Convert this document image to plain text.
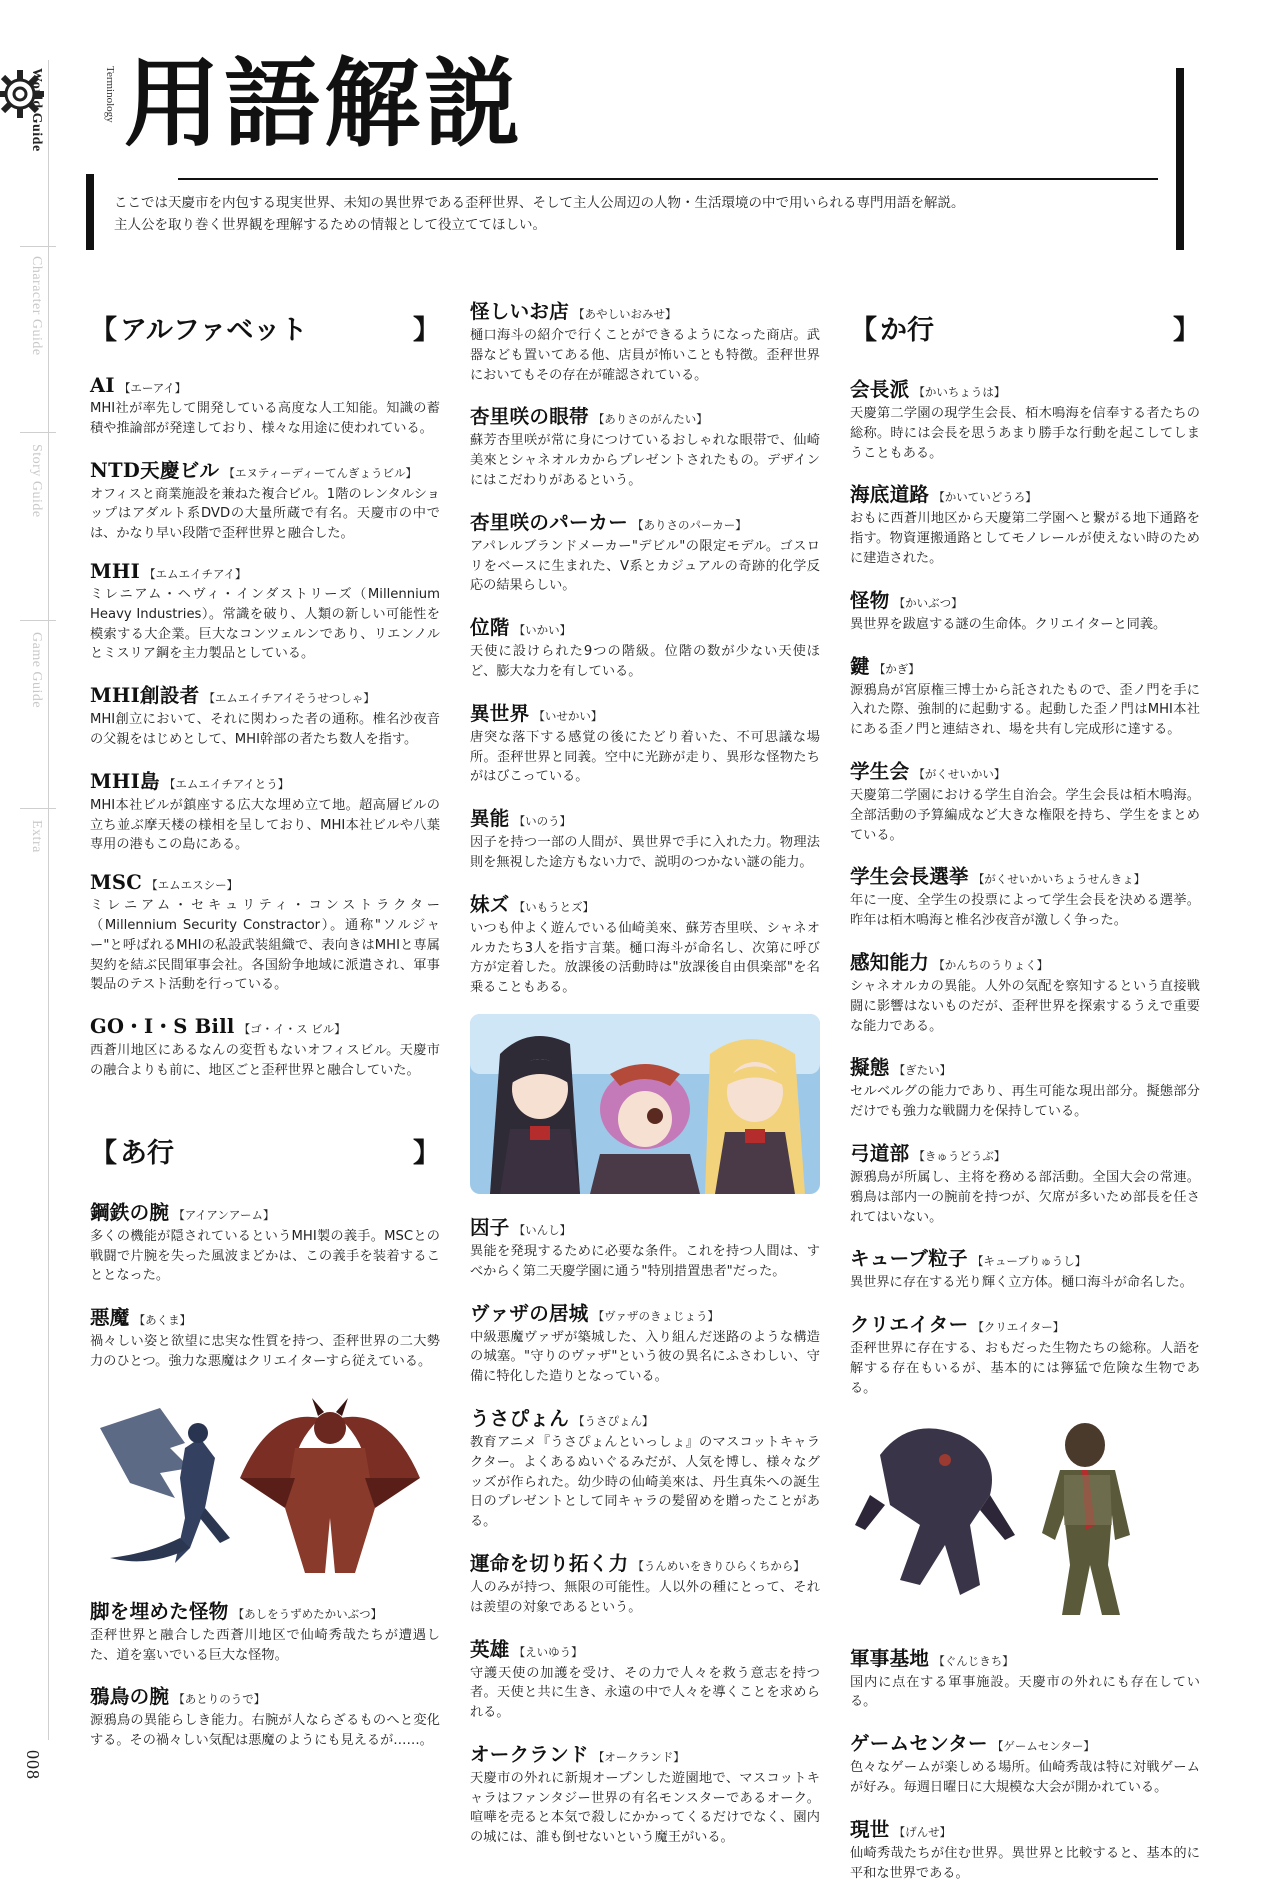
World Guide
Character Guide
Story Guide
Game Guide
Extra
008
Terminology 用語解説

ここでは天慶市を内包する現実世界、未知の異世界である歪秤世界、そして主人公周辺の人物・生活環境の中で用いられる専門用語を解説。
主人公を取り巻く世界観を理解するための情報として役立ててほしい。

【 アルファベット	】
AI 【エーアイ】

MHI社が率先して開発している高度な人工知能。知識の蓄積や推論部が発達しており、様々な用途に使われている。

NTD天慶ビル 【エヌティーディーてんぎょうビル】

オフィスと商業施設を兼ねた複合ビル。1階のレンタルショップはアダルト系DVDの大量所蔵で有名。天慶市の中では、かなり早い段階で歪秤世界と融合した。

MHI 【エムエイチアイ】

ミレニアム・ヘヴィ・インダストリーズ（Millennium Heavy Industries）。常識を破り、人類の新しい可能性を模索する大企業。巨大なコンツェルンであり、リエンノルとミスリア鋼を主力製品としている。

MHI創設者 【エムエイチアイそうせつしゃ】

MHI創立において、それに関わった者の通称。椎名沙夜音の父親をはじめとして、MHI幹部の者たち数人を指す。

MHI島 【エムエイチアイとう】

MHI本社ビルが鎮座する広大な埋め立て地。超高層ビルの立ち並ぶ摩天楼の様相を呈しており、MHI本社ビルや八葉専用の港もこの島にある。

MSC 【エムエスシー】

ミレニアム・セキュリティ・コンストラクター（Millennium Security Constractor）。通称"ソルジャー"と呼ばれるMHIの私設武装組織で、表向きはMHIと専属契約を結ぶ民間軍事会社。各国紛争地域に派遣され、軍事製品のテスト活動を行っている。

GO・I・S Bill 【ゴ・イ・ス ビル】

西蒼川地区にあるなんの変哲もないオフィスビル。天慶市の融合よりも前に、地区ごと歪秤世界と融合していた。

【 あ行	】
鋼鉄の腕 【アイアンアーム】

多くの機能が隠されているというMHI製の義手。MSCとの戦闘で片腕を失った風波まどかは、この義手を装着することとなった。

悪魔 【あくま】

禍々しい姿と欲望に忠実な性質を持つ、歪秤世界の二大勢力のひとつ。強力な悪魔はクリエイターすら従えている。

脚を埋めた怪物 【あしをうずめたかいぶつ】

歪秤世界と融合した西蒼川地区で仙崎秀哉たちが遭遇した、道を塞いでいる巨大な怪物。

鴉鳥の腕 【あとりのうで】

源鴉鳥の異能らしき能力。右腕が人ならざるものへと変化する。その禍々しい気配は悪魔のようにも見えるが……。

怪しいお店 【あやしいおみせ】

樋口海斗の紹介で行くことができるようになった商店。武器なども置いてある他、店員が怖いことも特徴。歪秤世界においてもその存在が確認されている。

杏里咲の眼帯 【ありさのがんたい】

蘇芳杏里咲が常に身につけているおしゃれな眼帯で、仙崎美來とシャネオルカからプレゼントされたもの。デザインにはこだわりがあるという。

杏里咲のパーカー 【ありさのパーカー】

アパレルブランドメーカー"デビル"の限定モデル。ゴスロリをベースに生まれた、V系とカジュアルの奇跡的化学反応の結果らしい。

位階 【いかい】

天使に設けられた9つの階級。位階の数が少ない天使ほど、膨大な力を有している。

異世界 【いせかい】

唐突な落下する感覚の後にたどり着いた、不可思議な場所。歪秤世界と同義。空中に光跡が走り、異形な怪物たちがはびこっている。

異能 【いのう】

因子を持つ一部の人間が、異世界で手に入れた力。物理法則を無視した途方もない力で、説明のつかない謎の能力。

妹ズ 【いもうとズ】

いつも仲よく遊んでいる仙崎美來、蘇芳杏里咲、シャネオルカたち3人を指す言葉。樋口海斗が命名し、次第に呼び方が定着した。放課後の活動時は"放課後自由倶楽部"を名乗ることもある。

因子 【いんし】

異能を発現するために必要な条件。これを持つ人間は、すべからく第二天慶学園に通う"特別措置患者"だった。

ヴァザの居城 【ヴァザのきょじょう】

中級悪魔ヴァザが築城した、入り組んだ迷路のような構造の城塞。"守りのヴァザ"という彼の異名にふさわしい、守備に特化した造りとなっている。

うさぴょん 【うさぴょん】

教育アニメ『うさぴょんといっしょ』のマスコットキャラクター。よくあるぬいぐるみだが、人気を博し、様々なグッズが作られた。幼少時の仙崎美來は、丹生真朱への誕生日のプレゼントとして同キャラの髪留めを贈ったことがある。

運命を切り拓く力 【うんめいをきりひらくちから】

人のみが持つ、無限の可能性。人以外の種にとって、それは羨望の対象であるという。

英雄 【えいゆう】

守護天使の加護を受け、その力で人々を救う意志を持つ者。天使と共に生き、永遠の中で人々を導くことを求められる。

オークランド 【オークランド】

天慶市の外れに新規オープンした遊園地で、マスコットキャラはファンタジー世界の有名モンスターであるオーク。喧嘩を売ると本気で殺しにかかってくるだけでなく、園内の城には、誰も倒せないという魔王がいる。

【 か行	】
会長派 【かいちょうは】

天慶第二学園の現学生会長、栢木鳴海を信奉する者たちの総称。時には会長を思うあまり勝手な行動を起こしてしまうこともある。

海底道路 【かいていどうろ】

おもに西蒼川地区から天慶第二学園へと繋がる地下通路を指す。物資運搬通路としてモノレールが使えない時のために建造された。

怪物 【かいぶつ】

異世界を跋扈する謎の生命体。クリエイターと同義。

鍵 【かぎ】

源鴉鳥が宮原権三博士から託されたもので、歪ノ門を手に入れた際、強制的に起動する。起動した歪ノ門はMHI本社にある歪ノ門と連結され、場を共有し完成形に達する。

学生会 【がくせいかい】

天慶第二学園における学生自治会。学生会長は栢木鳴海。全部活動の予算編成など大きな権限を持ち、学生をまとめている。

学生会長選挙 【がくせいかいちょうせんきょ】

年に一度、全学生の投票によって学生会長を決める選挙。昨年は栢木鳴海と椎名沙夜音が激しく争った。

感知能力 【かんちのうりょく】

シャネオルカの異能。人外の気配を察知するという直接戦闘に影響はないものだが、歪秤世界を探索するうえで重要な能力である。

擬態 【ぎたい】

セルベルグの能力であり、再生可能な現出部分。擬態部分だけでも強力な戦闘力を保持している。

弓道部 【きゅうどうぶ】

源鴉鳥が所属し、主将を務める部活動。全国大会の常連。鴉鳥は部内一の腕前を持つが、欠席が多いため部長を任されてはいない。

キューブ粒子 【キューブりゅうし】

異世界に存在する光り輝く立方体。樋口海斗が命名した。

クリエイター 【クリエイター】

歪秤世界に存在する、おもだった生物たちの総称。人語を解する存在もいるが、基本的には獰猛で危険な生物である。

軍事基地 【ぐんじきち】

国内に点在する軍事施設。天慶市の外れにも存在している。

ゲームセンター 【ゲームセンター】

色々なゲームが楽しめる場所。仙崎秀哉は特に対戦ゲームが好み。毎週日曜日に大規模な大会が開かれている。

現世 【げんせ】

仙崎秀哉たちが住む世界。異世界と比較すると、基本的に平和な世界である。
